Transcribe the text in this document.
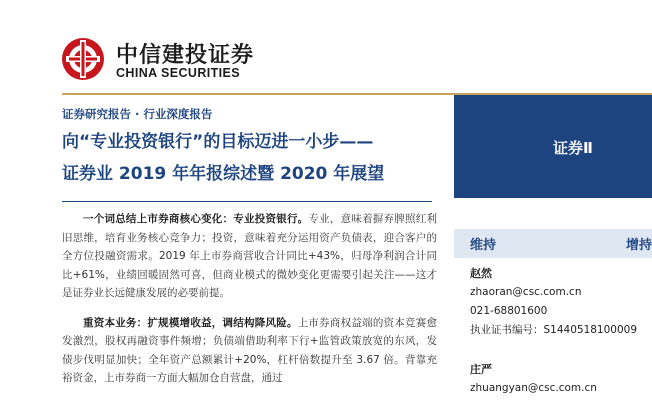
中信建投证券
CHINA SECURITIES
证券研究报告 · 行业深度报告
向“专业投资银行”的目标迈进一小步——
证券业 2019 年年报综述暨 2020 年展望

一个词总结上市券商核心变化：专业投资银行。专业，意味着摒弃脾照红利旧思维，培育业务核心竞争力；投资，意味着充分运用资产负债表，迎合客户的全方位投融资需求。2019 年上市券商营收合计同比+43%，归母净利润合计同比+61%，业绩回暖固然可喜，但商业模式的微妙变化更需要引起关注——这才是证券业长远健康发展的必要前提。

重资本业务：扩规模增收益，调结构降风险。上市券商权益端的资本竞赛愈发激烈，股权再融资事件频增；负债端借助利率下行+监管政策放宽的东风，发债步伐明显加快；全年资产总额累计+20%，杠杆倍数提升至 3.67 倍。背靠充裕资金，上市券商一方面大幅加仓自营盘，通过

证券Ⅱ
维持	增持
赵然
zhaoran@csc.com.cn
021-68801600
执业证书编号：S1440518100009
庄严
zhuangyan@csc.com.cn
